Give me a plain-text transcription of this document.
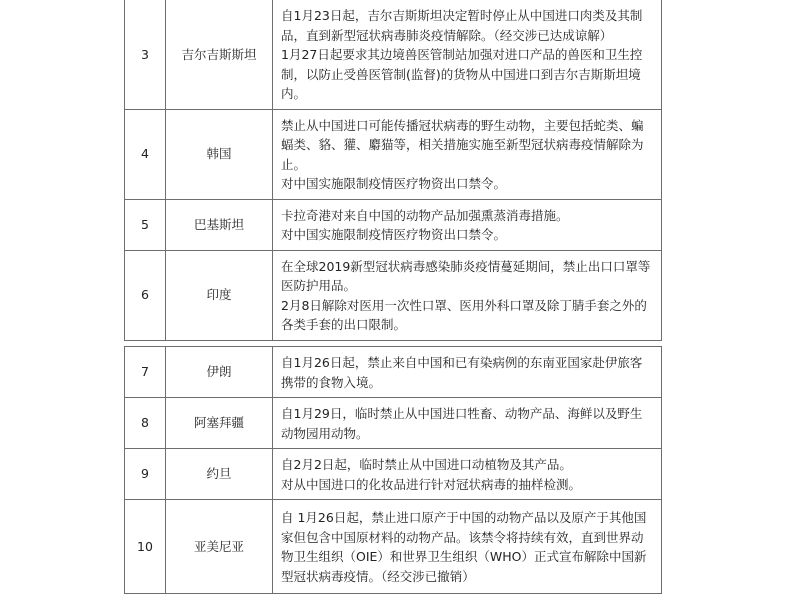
3	吉尔吉斯斯坦	自1月23日起，吉尔吉斯斯坦决定暂时停止从中国进口肉类及其制品，直到新型冠状病毒肺炎疫情解除。（经交涉已达成谅解）
1月27日起要求其边境兽医管制站加强对进口产品的兽医和卫生控制，以防止受兽医管制(监督)的货物从中国进口到吉尔吉斯斯坦境内。

4	韩国	禁止从中国进口可能传播冠状病毒的野生动物，主要包括蛇类、蝙蝠类、貉、獾、麝猫等，相关措施实施至新型冠状病毒疫情解除为止。
对中国实施限制疫情医疗物资出口禁令。

5	巴基斯坦	卡拉奇港对来自中国的动物产品加强熏蒸消毒措施。
对中国实施限制疫情医疗物资出口禁令。

6	印度	在全球2019新型冠状病毒感染肺炎疫情蔓延期间，禁止出口口罩等医防护用品。
2月8日解除对医用一次性口罩、医用外科口罩及除丁腈手套之外的各类手套的出口限制。
7	伊朗	自1月26日起，禁止来自中国和已有染病例的东南亚国家赴伊旅客携带的食物入境。

8	阿塞拜疆	自1月29日，临时禁止从中国进口牲畜、动物产品、海鲜以及野生动物园用动物。

9	约旦	自2月2日起，临时禁止从中国进口动植物及其产品。
对从中国进口的化妆品进行针对冠状病毒的抽样检测。

10	亚美尼亚	自 1月26日起，禁止进口原产于中国的动物产品以及原产于其他国家但包含中国原材料的动物产品。该禁令将持续有效，直到世界动物卫生组织（OIE）和世界卫生组织（WHO）正式宣布解除中国新型冠状病毒疫情。（经交涉已撤销）
